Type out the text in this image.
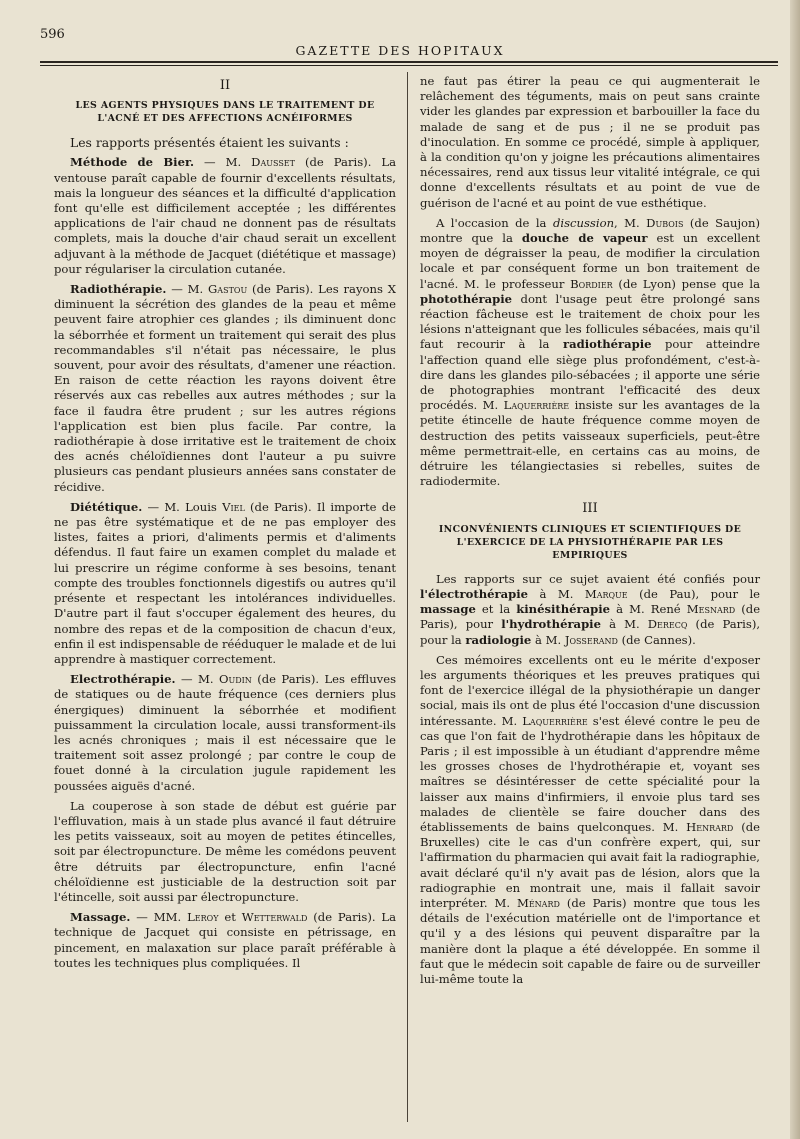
596
GAZETTE DES HOPITAUX
II
LES AGENTS PHYSIQUES DANS LE TRAITEMENT DE L'ACNÉ ET DES AFFECTIONS ACNÉIFORMES

Les rapports présentés étaient les suivants :

Méthode de Bier. — M. Dausset (de Paris). La ventouse paraît capable de fournir d'excellents résultats, mais la longueur des séances et la difficulté d'application font qu'elle est difficilement acceptée ; les différentes applications de l'air chaud ne donnent pas de résultats complets, mais la douche d'air chaud serait un excellent adjuvant à la méthode de Jacquet (diététique et massage) pour régulariser la circulation cutanée.

Radiothérapie. — M. Gastou (de Paris). Les rayons X diminuent la sécrétion des glandes de la peau et même peuvent faire atrophier ces glandes ; ils diminuent donc la séborrhée et forment un traitement qui serait des plus recommandables s'il n'était pas nécessaire, le plus souvent, pour avoir des résultats, d'amener une réaction. En raison de cette réaction les rayons doivent être réservés aux cas rebelles aux autres méthodes ; sur la face il faudra être prudent ; sur les autres régions l'application est bien plus facile. Par contre, la radiothérapie à dose irritative est le traitement de choix des acnés chéloïdiennes dont l'auteur a pu suivre plusieurs cas pendant plusieurs années sans constater de récidive.

Diététique. — M. Louis Viel (de Paris). Il importe de ne pas être systématique et de ne pas employer des listes, faites a priori, d'aliments permis et d'aliments défendus. Il faut faire un examen complet du malade et lui prescrire un régime conforme à ses besoins, tenant compte des troubles fonctionnels digestifs ou autres qu'il présente et respectant les intolérances individuelles. D'autre part il faut s'occuper également des heures, du nombre des repas et de la composition de chacun d'eux, enfin il est indispensable de rééduquer le malade et de lui apprendre à mastiquer correctement.

Electrothérapie. — M. Oudin (de Paris). Les effluves de statiques ou de haute fréquence (ces derniers plus énergiques) diminuent la séborrhée et modifient puissamment la circulation locale, aussi transforment-ils les acnés chroniques ; mais il est nécessaire que le traitement soit assez prolongé ; par contre le coup de fouet donné à la circulation jugule rapidement les poussées aiguës d'acné.

La couperose à son stade de début est guérie par l'effluvation, mais à un stade plus avancé il faut détruire les petits vaisseaux, soit au moyen de petites étincelles, soit par électropuncture. De même les comédons peuvent être détruits par électropuncture, enfin l'acné chéloïdienne est justiciable de la destruction soit par l'étincelle, soit aussi par électropuncture.

Massage. — MM. Leroy et Wetterwald (de Paris). La technique de Jacquet qui consiste en pétrissage, en pincement, en malaxation sur place paraît préférable à toutes les techniques plus compliquées. Il

ne faut pas étirer la peau ce qui augmenterait le relâchement des téguments, mais on peut sans crainte vider les glandes par expression et barbouiller la face du malade de sang et de pus ; il ne se produit pas d'inoculation. En somme ce procédé, simple à appliquer, à la condition qu'on y joigne les précautions alimentaires nécessaires, rend aux tissus leur vitalité intégrale, ce qui donne d'excellents résultats et au point de vue de guérison de l'acné et au point de vue esthétique.

A l'occasion de la discussion, M. Dubois (de Saujon) montre que la douche de vapeur est un excellent moyen de dégraisser la peau, de modifier la circulation locale et par conséquent forme un bon traitement de l'acné. M. le professeur Bordier (de Lyon) pense que la photothérapie dont l'usage peut être prolongé sans réaction fâcheuse est le traitement de choix pour les lésions n'atteignant que les follicules sébacées, mais qu'il faut recourir à la radiothérapie pour atteindre l'affection quand elle siège plus profondément, c'est-à-dire dans les glandes pilo-sébacées ; il apporte une série de photographies montrant l'efficacité des deux procédés. M. Laquerrière insiste sur les avantages de la petite étincelle de haute fréquence comme moyen de destruction des petits vaisseaux superficiels, peut-être même permettrait-elle, en certains cas au moins, de détruire les télangiectasies si rebelles, suites de radiodermite.

III
INCONVÉNIENTS CLINIQUES ET SCIENTIFIQUES DE L'EXERCICE DE LA PHYSIOTHÉRAPIE PAR LES EMPIRIQUES

Les rapports sur ce sujet avaient été confiés pour l'électrothérapie à M. Marque (de Pau), pour le massage et la kinésithérapie à M. René Mesnard (de Paris), pour l'hydrothérapie à M. Derecq (de Paris), pour la radiologie à M. Josserand (de Cannes).

Ces mémoires excellents ont eu le mérite d'exposer les arguments théoriques et les preuves pratiques qui font de l'exercice illégal de la physiothérapie un danger social, mais ils ont de plus été l'occasion d'une discussion intéressante. M. Laquerrière s'est élevé contre le peu de cas que l'on fait de l'hydrothérapie dans les hôpitaux de Paris ; il est impossible à un étudiant d'apprendre même les grosses choses de l'hydrothérapie et, voyant ses maîtres se désintéresser de cette spécialité pour la laisser aux mains d'infirmiers, il envoie plus tard ses malades de clientèle se faire doucher dans des établissements de bains quelconques. M. Henrard (de Bruxelles) cite le cas d'un confrère expert, qui, sur l'affirmation du pharmacien qui avait fait la radiographie, avait déclaré qu'il n'y avait pas de lésion, alors que la radiographie en montrait une, mais il fallait savoir interpréter. M. Ménard (de Paris) montre que tous les détails de l'exécution matérielle ont de l'importance et qu'il y a des lésions qui peuvent disparaître par la manière dont la plaque a été développée. En somme il faut que le médecin soit capable de faire ou de surveiller lui-même toute la
